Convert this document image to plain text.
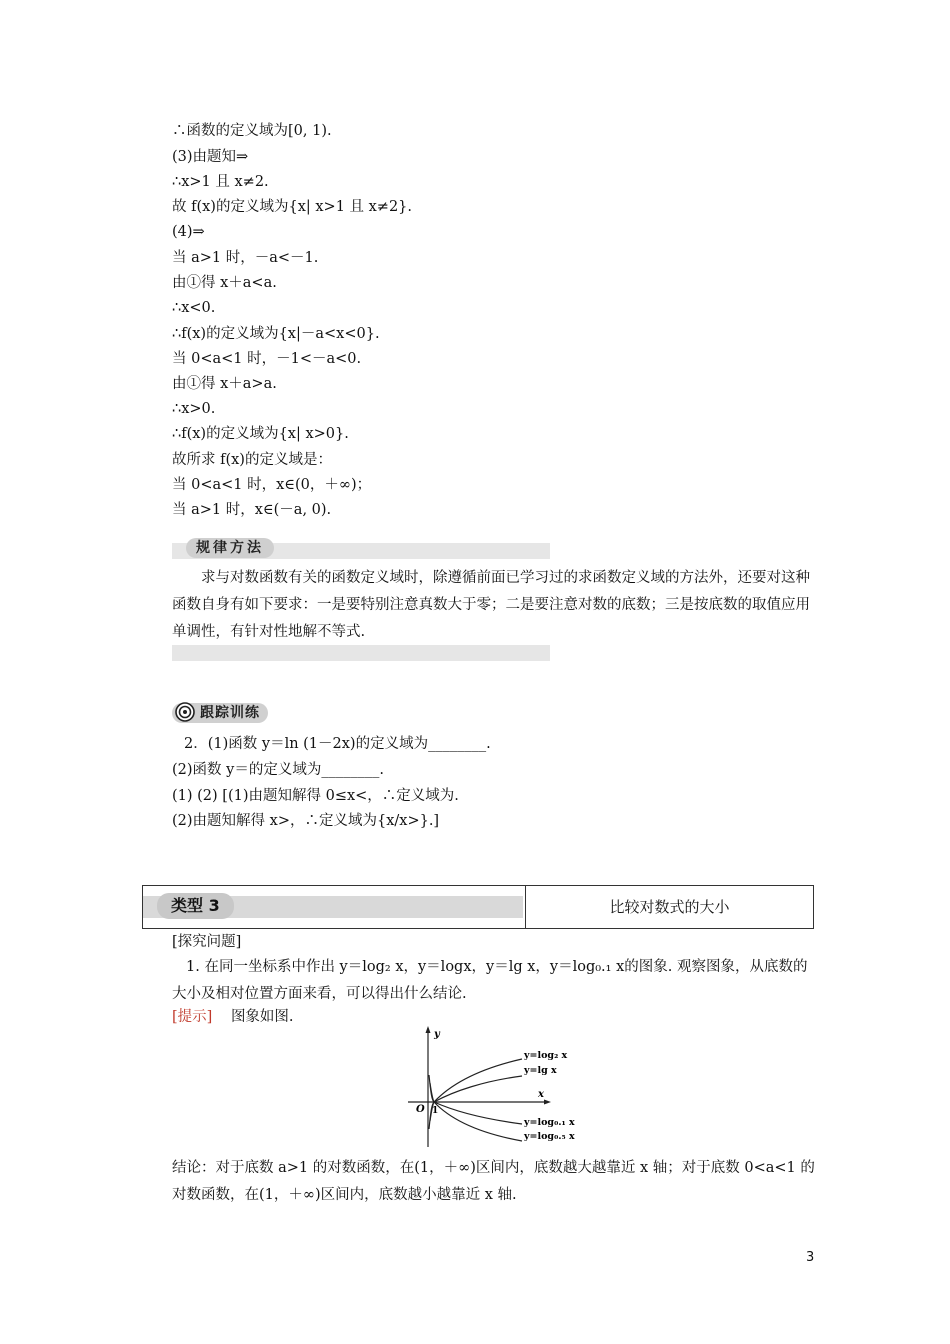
∴函数的定义域为[0, 1).
(3)由题知⇒
∴x>1 且 x≠2.
故 f(x)的定义域为{x| x>1 且 x≠2}.
(4)⇒
当 a>1 时，－a<－1.
由①得 x＋a<a.
∴x<0.
∴f(x)的定义域为{x|－a<x<0}.
当 0<a<1 时，－1<－a<0.
由①得 x＋a>a.
∴x>0.
∴f(x)的定义域为{x| x>0}.
故所求 f(x)的定义域是：
当 0<a<1 时，x∈(0，＋∞)；
当 a>1 时，x∈(－a, 0).
规律方法
求与对数函数有关的函数定义域时，除遵循前面已学习过的求函数定义域的方法外，还要对这种函数自身有如下要求：一是要特别注意真数大于零；二是要注意对数的底数；三是按底数的取值应用单调性，有针对性地解不等式.
跟踪训练
2．(1)函数 y＝ln (1－2x)的定义域为________.
(2)函数 y＝的定义域为________.
(1) (2) [(1)由题知解得 0≤x<，∴定义域为.
(2)由题知解得 x>，∴定义域为{x/x>}.]
类型 3	比较对数式的大小
[探究问题]
1. 在同一坐标系中作出 y＝log₂ x，y＝logx，y＝lg x，y＝log₀.₁ x的图象. 观察图象，从底数的大小及相对位置方面来看，可以得出什么结论.
[提示] 图象如图.
y
x
O 1
y=log₂ x
y=lg x
y=log₀.₁ x
y=log₀.₅ x
结论：对于底数 a>1 的对数函数，在(1，＋∞)区间内，底数越大越靠近 x 轴；对于底数 0<a<1 的对数函数，在(1，＋∞)区间内，底数越小越靠近 x 轴.
3
